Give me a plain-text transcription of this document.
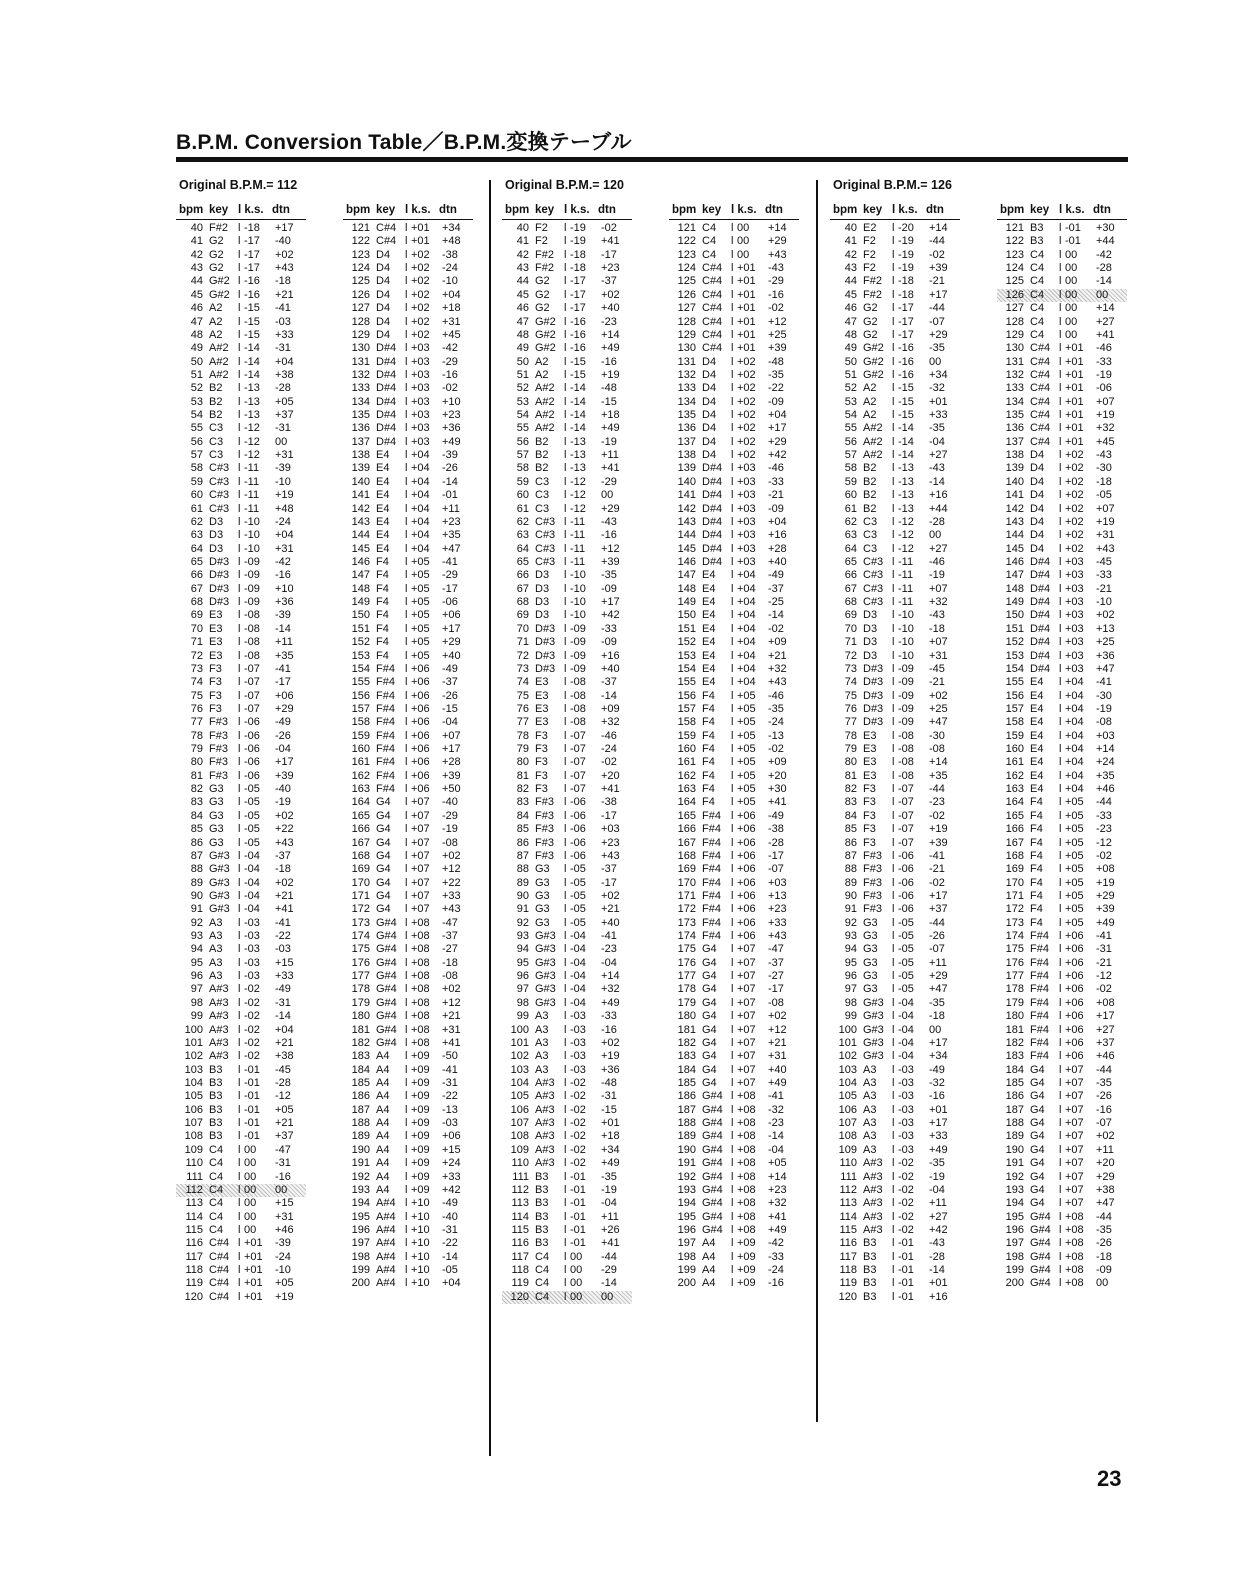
B.P.M. Conversion Table／B.P.M.変換テーブル
Original B.P.M.= 112
bpm key l k.s. dtn
40 F#2 l -18 +17
41 G2 l -17 -40
42 G2 l -17 +02
43 G2 l -17 +43
44 G#2 l -16 -18
45 G#2 l -16 +21
46 A2 l -15 -41
47 A2 l -15 -03
48 A2 l -15 +33
49 A#2 l -14 -31
50 A#2 l -14 +04
51 A#2 l -14 +38
52 B2 l -13 -28
53 B2 l -13 +05
54 B2 l -13 +37
55 C3 l -12 -31
56 C3 l -12 00
57 C3 l -12 +31
58 C#3 l -11 -39
59 C#3 l -11 -10
60 C#3 l -11 +19
61 C#3 l -11 +48
62 D3 l -10 -24
63 D3 l -10 +04
64 D3 l -10 +31
65 D#3 l -09 -42
66 D#3 l -09 -16
67 D#3 l -09 +10
68 D#3 l -09 +36
69 E3 l -08 -39
70 E3 l -08 -14
71 E3 l -08 +11
72 E3 l -08 +35
73 F3 l -07 -41
74 F3 l -07 -17
75 F3 l -07 +06
76 F3 l -07 +29
77 F#3 l -06 -49
78 F#3 l -06 -26
79 F#3 l -06 -04
80 F#3 l -06 +17
81 F#3 l -06 +39
82 G3 l -05 -40
83 G3 l -05 -19
84 G3 l -05 +02
85 G3 l -05 +22
86 G3 l -05 +43
87 G#3 l -04 -37
88 G#3 l -04 -18
89 G#3 l -04 +02
90 G#3 l -04 +21
91 G#3 l -04 +41
92 A3 l -03 -41
93 A3 l -03 -22
94 A3 l -03 -03
95 A3 l -03 +15
96 A3 l -03 +33
97 A#3 l -02 -49
98 A#3 l -02 -31
99 A#3 l -02 -14
100 A#3 l -02 +04
101 A#3 l -02 +21
102 A#3 l -02 +38
103 B3 l -01 -45
104 B3 l -01 -28
105 B3 l -01 -12
106 B3 l -01 +05
107 B3 l -01 +21
108 B3 l -01 +37
109 C4 l 00 -47
110 C4 l 00 -31
111 C4 l 00 -16
112 C4 l 00 00
113 C4 l 00 +15
114 C4 l 00 +31
115 C4 l 00 +46
116 C#4 l +01 -39
117 C#4 l +01 -24
118 C#4 l +01 -10
119 C#4 l +01 +05
120 C#4 l +01 +19
bpm key l k.s. dtn
121 C#4 l +01 +34
122 C#4 l +01 +48
123 D4 l +02 -38
124 D4 l +02 -24
125 D4 l +02 -10
126 D4 l +02 +04
127 D4 l +02 +18
128 D4 l +02 +31
129 D4 l +02 +45
130 D#4 l +03 -42
131 D#4 l +03 -29
132 D#4 l +03 -16
133 D#4 l +03 -02
134 D#4 l +03 +10
135 D#4 l +03 +23
136 D#4 l +03 +36
137 D#4 l +03 +49
138 E4 l +04 -39
139 E4 l +04 -26
140 E4 l +04 -14
141 E4 l +04 -01
142 E4 l +04 +11
143 E4 l +04 +23
144 E4 l +04 +35
145 E4 l +04 +47
146 F4 l +05 -41
147 F4 l +05 -29
148 F4 l +05 -17
149 F4 l +05 -06
150 F4 l +05 +06
151 F4 l +05 +17
152 F4 l +05 +29
153 F4 l +05 +40
154 F#4 l +06 -49
155 F#4 l +06 -37
156 F#4 l +06 -26
157 F#4 l +06 -15
158 F#4 l +06 -04
159 F#4 l +06 +07
160 F#4 l +06 +17
161 F#4 l +06 +28
162 F#4 l +06 +39
163 F#4 l +06 +50
164 G4 l +07 -40
165 G4 l +07 -29
166 G4 l +07 -19
167 G4 l +07 -08
168 G4 l +07 +02
169 G4 l +07 +12
170 G4 l +07 +22
171 G4 l +07 +33
172 G4 l +07 +43
173 G#4 l +08 -47
174 G#4 l +08 -37
175 G#4 l +08 -27
176 G#4 l +08 -18
177 G#4 l +08 -08
178 G#4 l +08 +02
179 G#4 l +08 +12
180 G#4 l +08 +21
181 G#4 l +08 +31
182 G#4 l +08 +41
183 A4 l +09 -50
184 A4 l +09 -41
185 A4 l +09 -31
186 A4 l +09 -22
187 A4 l +09 -13
188 A4 l +09 -03
189 A4 l +09 +06
190 A4 l +09 +15
191 A4 l +09 +24
192 A4 l +09 +33
193 A4 l +09 +42
194 A#4 l +10 -49
195 A#4 l +10 -40
196 A#4 l +10 -31
197 A#4 l +10 -22
198 A#4 l +10 -14
199 A#4 l +10 -05
200 A#4 l +10 +04
Original B.P.M.= 120
bpm key l k.s. dtn
40 F2 l -19 -02
41 F2 l -19 +41
42 F#2 l -18 -17
43 F#2 l -18 +23
44 G2 l -17 -37
45 G2 l -17 +02
46 G2 l -17 +40
47 G#2 l -16 -23
48 G#2 l -16 +14
49 G#2 l -16 +49
50 A2 l -15 -16
51 A2 l -15 +19
52 A#2 l -14 -48
53 A#2 l -14 -15
54 A#2 l -14 +18
55 A#2 l -14 +49
56 B2 l -13 -19
57 B2 l -13 +11
58 B2 l -13 +41
59 C3 l -12 -29
60 C3 l -12 00
61 C3 l -12 +29
62 C#3 l -11 -43
63 C#3 l -11 -16
64 C#3 l -11 +12
65 C#3 l -11 +39
66 D3 l -10 -35
67 D3 l -10 -09
68 D3 l -10 +17
69 D3 l -10 +42
70 D#3 l -09 -33
71 D#3 l -09 -09
72 D#3 l -09 +16
73 D#3 l -09 +40
74 E3 l -08 -37
75 E3 l -08 -14
76 E3 l -08 +09
77 E3 l -08 +32
78 F3 l -07 -46
79 F3 l -07 -24
80 F3 l -07 -02
81 F3 l -07 +20
82 F3 l -07 +41
83 F#3 l -06 -38
84 F#3 l -06 -17
85 F#3 l -06 +03
86 F#3 l -06 +23
87 F#3 l -06 +43
88 G3 l -05 -37
89 G3 l -05 -17
90 G3 l -05 +02
91 G3 l -05 +21
92 G3 l -05 +40
93 G#3 l -04 -41
94 G#3 l -04 -23
95 G#3 l -04 -04
96 G#3 l -04 +14
97 G#3 l -04 +32
98 G#3 l -04 +49
99 A3 l -03 -33
100 A3 l -03 -16
101 A3 l -03 +02
102 A3 l -03 +19
103 A3 l -03 +36
104 A#3 l -02 -48
105 A#3 l -02 -31
106 A#3 l -02 -15
107 A#3 l -02 +01
108 A#3 l -02 +18
109 A#3 l -02 +34
110 A#3 l -02 +49
111 B3 l -01 -35
112 B3 l -01 -19
113 B3 l -01 -04
114 B3 l -01 +11
115 B3 l -01 +26
116 B3 l -01 +41
117 C4 l 00 -44
118 C4 l 00 -29
119 C4 l 00 -14
120 C4 l 00 00
bpm key l k.s. dtn
121 C4 l 00 +14
122 C4 l 00 +29
123 C4 l 00 +43
124 C#4 l +01 -43
125 C#4 l +01 -29
126 C#4 l +01 -16
127 C#4 l +01 -02
128 C#4 l +01 +12
129 C#4 l +01 +25
130 C#4 l +01 +39
131 D4 l +02 -48
132 D4 l +02 -35
133 D4 l +02 -22
134 D4 l +02 -09
135 D4 l +02 +04
136 D4 l +02 +17
137 D4 l +02 +29
138 D4 l +02 +42
139 D#4 l +03 -46
140 D#4 l +03 -33
141 D#4 l +03 -21
142 D#4 l +03 -09
143 D#4 l +03 +04
144 D#4 l +03 +16
145 D#4 l +03 +28
146 D#4 l +03 +40
147 E4 l +04 -49
148 E4 l +04 -37
149 E4 l +04 -25
150 E4 l +04 -14
151 E4 l +04 -02
152 E4 l +04 +09
153 E4 l +04 +21
154 E4 l +04 +32
155 E4 l +04 +43
156 F4 l +05 -46
157 F4 l +05 -35
158 F4 l +05 -24
159 F4 l +05 -13
160 F4 l +05 -02
161 F4 l +05 +09
162 F4 l +05 +20
163 F4 l +05 +30
164 F4 l +05 +41
165 F#4 l +06 -49
166 F#4 l +06 -38
167 F#4 l +06 -28
168 F#4 l +06 -17
169 F#4 l +06 -07
170 F#4 l +06 +03
171 F#4 l +06 +13
172 F#4 l +06 +23
173 F#4 l +06 +33
174 F#4 l +06 +43
175 G4 l +07 -47
176 G4 l +07 -37
177 G4 l +07 -27
178 G4 l +07 -17
179 G4 l +07 -08
180 G4 l +07 +02
181 G4 l +07 +12
182 G4 l +07 +21
183 G4 l +07 +31
184 G4 l +07 +40
185 G4 l +07 +49
186 G#4 l +08 -41
187 G#4 l +08 -32
188 G#4 l +08 -23
189 G#4 l +08 -14
190 G#4 l +08 -04
191 G#4 l +08 +05
192 G#4 l +08 +14
193 G#4 l +08 +23
194 G#4 l +08 +32
195 G#4 l +08 +41
196 G#4 l +08 +49
197 A4 l +09 -42
198 A4 l +09 -33
199 A4 l +09 -24
200 A4 l +09 -16
Original B.P.M.= 126
bpm key l k.s. dtn
40 E2 l -20 +14
41 F2 l -19 -44
42 F2 l -19 -02
43 F2 l -19 +39
44 F#2 l -18 -21
45 F#2 l -18 +17
46 G2 l -17 -44
47 G2 l -17 -07
48 G2 l -17 +29
49 G#2 l -16 -35
50 G#2 l -16 00
51 G#2 l -16 +34
52 A2 l -15 -32
53 A2 l -15 +01
54 A2 l -15 +33
55 A#2 l -14 -35
56 A#2 l -14 -04
57 A#2 l -14 +27
58 B2 l -13 -43
59 B2 l -13 -14
60 B2 l -13 +16
61 B2 l -13 +44
62 C3 l -12 -28
63 C3 l -12 00
64 C3 l -12 +27
65 C#3 l -11 -46
66 C#3 l -11 -19
67 C#3 l -11 +07
68 C#3 l -11 +32
69 D3 l -10 -43
70 D3 l -10 -18
71 D3 l -10 +07
72 D3 l -10 +31
73 D#3 l -09 -45
74 D#3 l -09 -21
75 D#3 l -09 +02
76 D#3 l -09 +25
77 D#3 l -09 +47
78 E3 l -08 -30
79 E3 l -08 -08
80 E3 l -08 +14
81 E3 l -08 +35
82 F3 l -07 -44
83 F3 l -07 -23
84 F3 l -07 -02
85 F3 l -07 +19
86 F3 l -07 +39
87 F#3 l -06 -41
88 F#3 l -06 -21
89 F#3 l -06 -02
90 F#3 l -06 +17
91 F#3 l -06 +37
92 G3 l -05 -44
93 G3 l -05 -26
94 G3 l -05 -07
95 G3 l -05 +11
96 G3 l -05 +29
97 G3 l -05 +47
98 G#3 l -04 -35
99 G#3 l -04 -18
100 G#3 l -04 00
101 G#3 l -04 +17
102 G#3 l -04 +34
103 A3 l -03 -49
104 A3 l -03 -32
105 A3 l -03 -16
106 A3 l -03 +01
107 A3 l -03 +17
108 A3 l -03 +33
109 A3 l -03 +49
110 A#3 l -02 -35
111 A#3 l -02 -19
112 A#3 l -02 -04
113 A#3 l -02 +11
114 A#3 l -02 +27
115 A#3 l -02 +42
116 B3 l -01 -43
117 B3 l -01 -28
118 B3 l -01 -14
119 B3 l -01 +01
120 B3 l -01 +16
bpm key l k.s. dtn
121 B3 l -01 +30
122 B3 l -01 +44
123 C4 l 00 -42
124 C4 l 00 -28
125 C4 l 00 -14
126 C4 l 00 00
127 C4 l 00 +14
128 C4 l 00 +27
129 C4 l 00 +41
130 C#4 l +01 -46
131 C#4 l +01 -33
132 C#4 l +01 -19
133 C#4 l +01 -06
134 C#4 l +01 +07
135 C#4 l +01 +19
136 C#4 l +01 +32
137 C#4 l +01 +45
138 D4 l +02 -43
139 D4 l +02 -30
140 D4 l +02 -18
141 D4 l +02 -05
142 D4 l +02 +07
143 D4 l +02 +19
144 D4 l +02 +31
145 D4 l +02 +43
146 D#4 l +03 -45
147 D#4 l +03 -33
148 D#4 l +03 -21
149 D#4 l +03 -10
150 D#4 l +03 +02
151 D#4 l +03 +13
152 D#4 l +03 +25
153 D#4 l +03 +36
154 D#4 l +03 +47
155 E4 l +04 -41
156 E4 l +04 -30
157 E4 l +04 -19
158 E4 l +04 -08
159 E4 l +04 +03
160 E4 l +04 +14
161 E4 l +04 +24
162 E4 l +04 +35
163 E4 l +04 +46
164 F4 l +05 -44
165 F4 l +05 -33
166 F4 l +05 -23
167 F4 l +05 -12
168 F4 l +05 -02
169 F4 l +05 +08
170 F4 l +05 +19
171 F4 l +05 +29
172 F4 l +05 +39
173 F4 l +05 +49
174 F#4 l +06 -41
175 F#4 l +06 -31
176 F#4 l +06 -21
177 F#4 l +06 -12
178 F#4 l +06 -02
179 F#4 l +06 +08
180 F#4 l +06 +17
181 F#4 l +06 +27
182 F#4 l +06 +37
183 F#4 l +06 +46
184 G4 l +07 -44
185 G4 l +07 -35
186 G4 l +07 -26
187 G4 l +07 -16
188 G4 l +07 -07
189 G4 l +07 +02
190 G4 l +07 +11
191 G4 l +07 +20
192 G4 l +07 +29
193 G4 l +07 +38
194 G4 l +07 +47
195 G#4 l +08 -44
196 G#4 l +08 -35
197 G#4 l +08 -26
198 G#4 l +08 -18
199 G#4 l +08 -09
200 G#4 l +08 00
23
